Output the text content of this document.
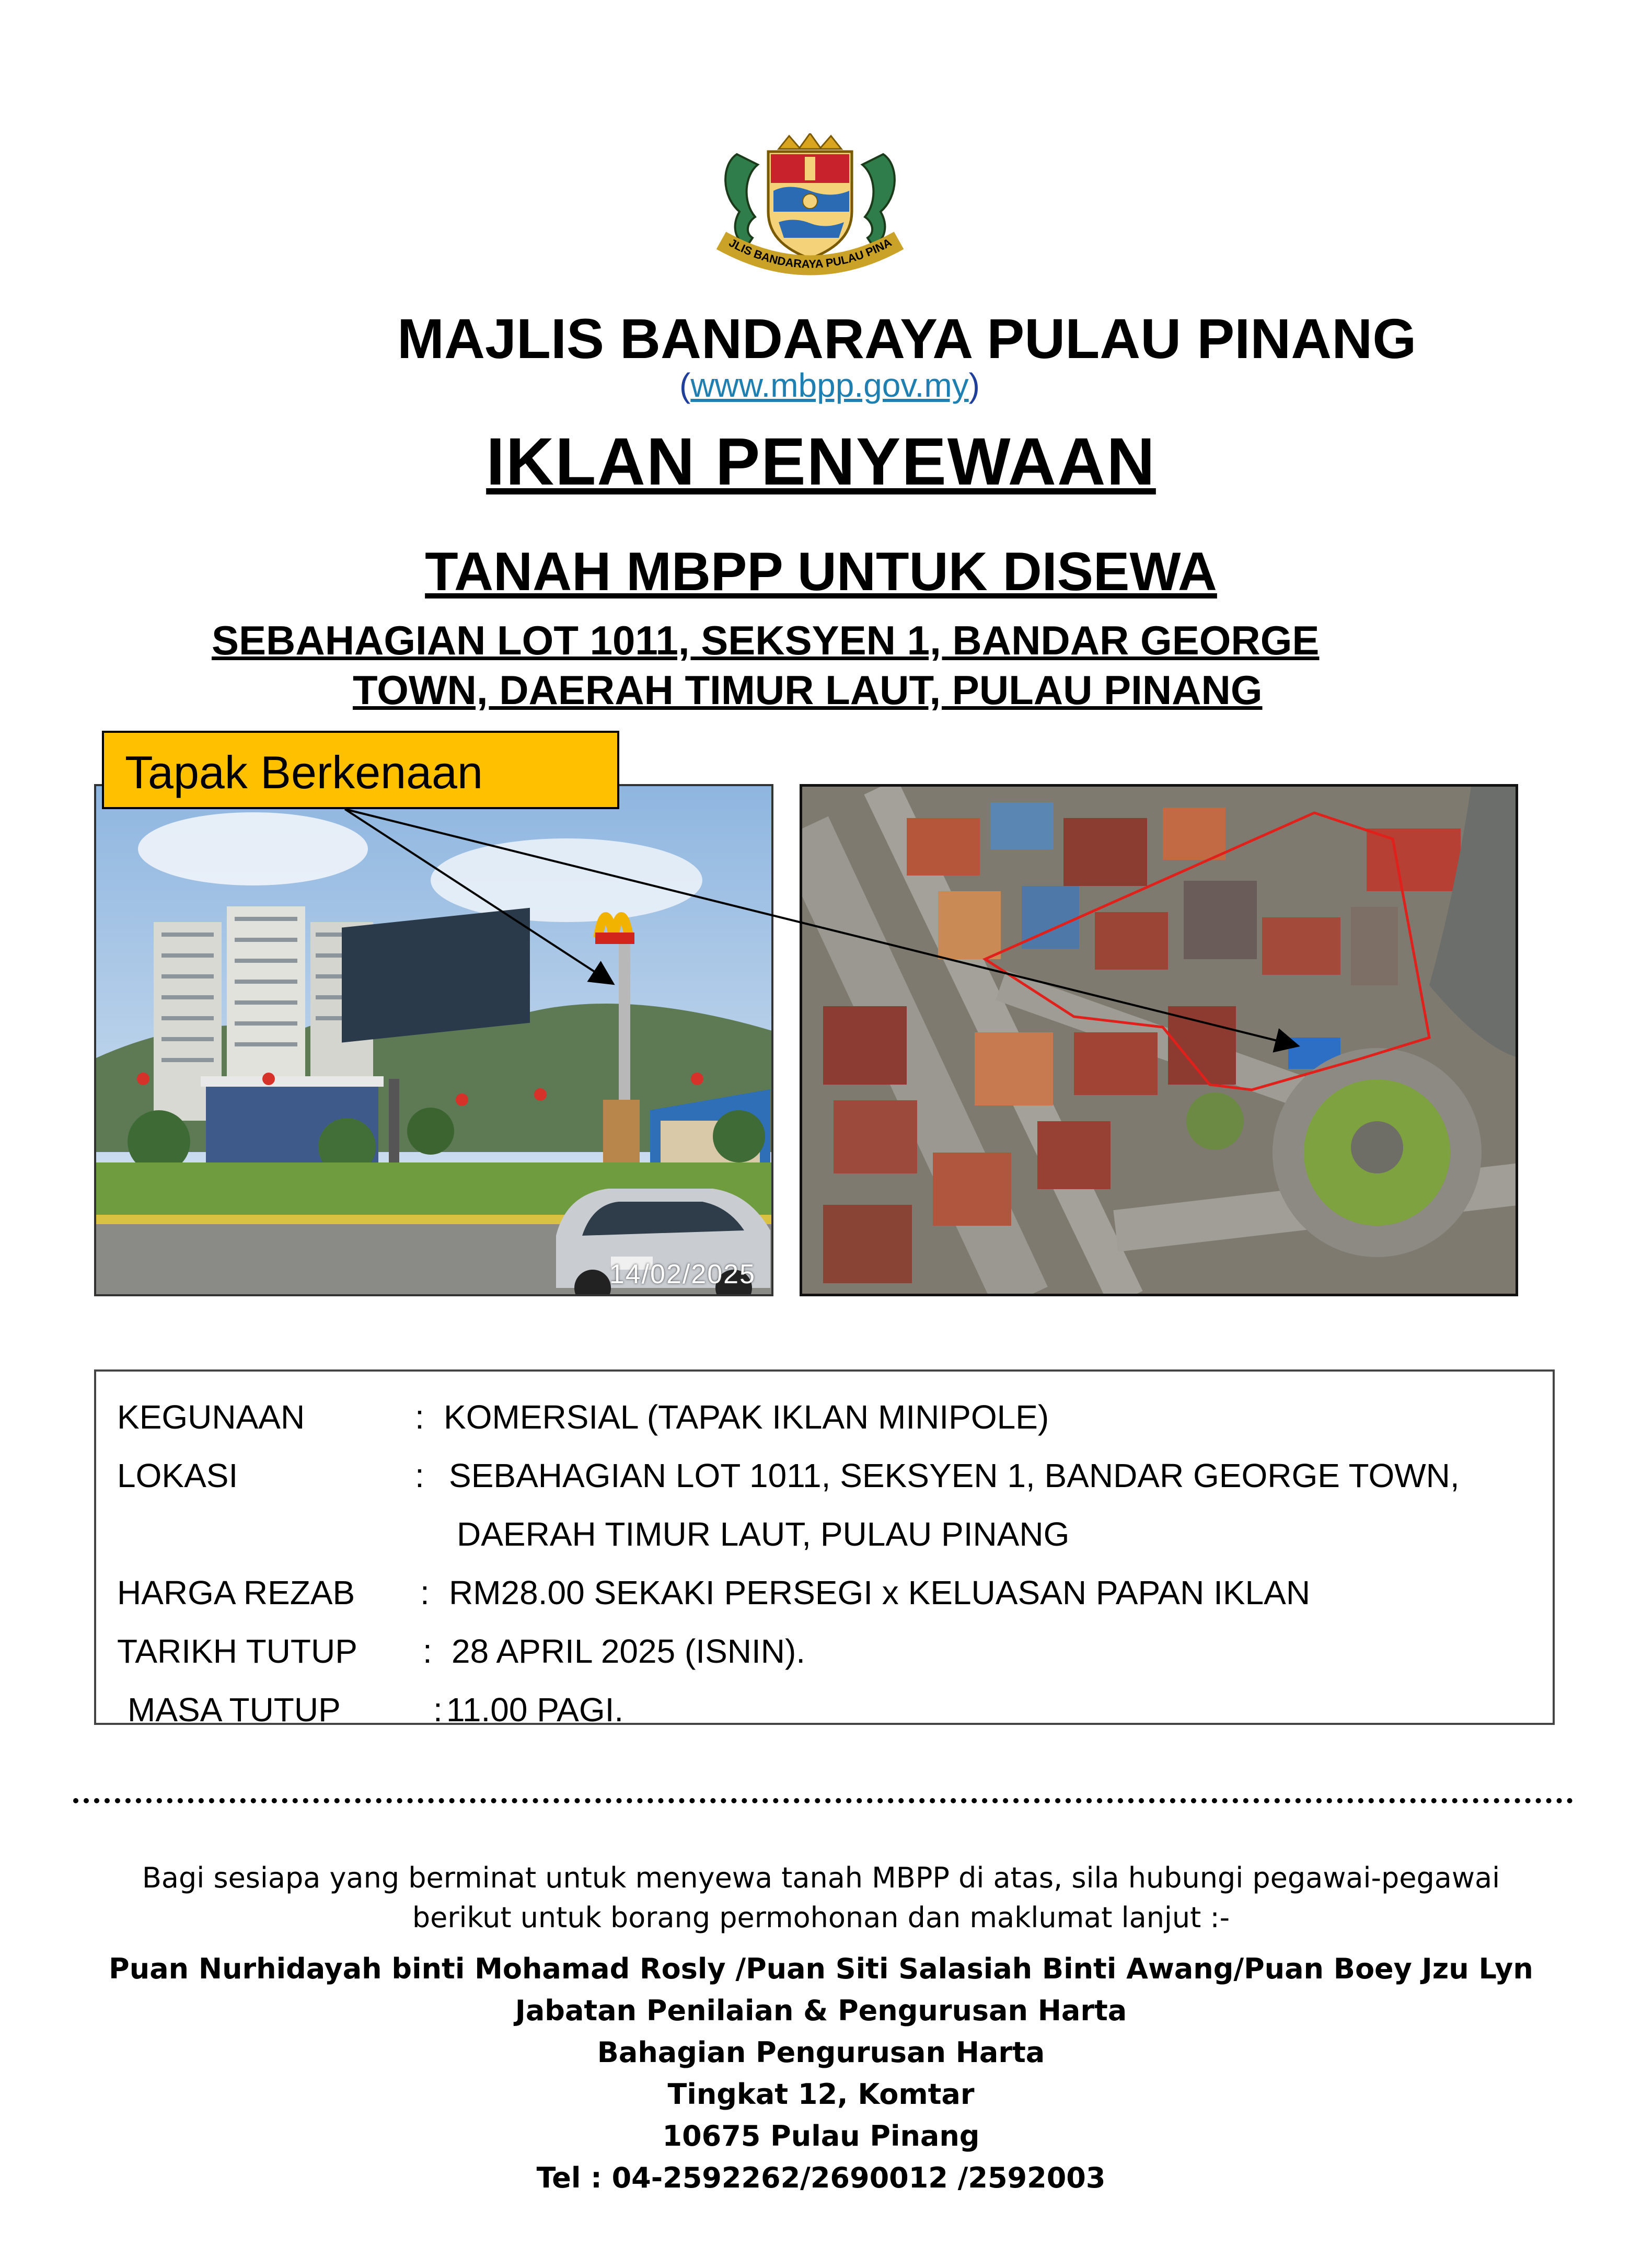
JLIS BANDARAYA PULAU PINA
MAJLIS BANDARAYA PULAU PINANG
(www.mbpp.gov.my)
IKLAN PENYEWAAN
TANAH MBPP UNTUK DISEWA
SEBAHAGIAN LOT 1011, SEKSYEN 1, BANDAR GEORGE
TOWN, DAERAH TIMUR LAUT, PULAU PINANG
14/02/2025
Tapak Berkenaan
KEGUNAAN	: KOMERSIAL (TAPAK IKLAN MINIPOLE)
LOKASI	: SEBAHAGIAN LOT 1011, SEKSYEN 1, BANDAR GEORGE TOWN,
DAERAH TIMUR LAUT, PULAU PINANG
HARGA REZAB : RM28.00 SEKAKI PERSEGI x KELUASAN PAPAN IKLAN
TARIKH TUTUP : 28 APRIL 2025 (ISNIN).
MASA TUTUP	: 11.00 PAGI.
Bagi sesiapa yang berminat untuk menyewa tanah MBPP di atas, sila hubungi pegawai-pegawai berikut untuk borang permohonan dan maklumat lanjut :-
Puan Nurhidayah binti Mohamad Rosly /Puan Siti Salasiah Binti Awang/Puan Boey Jzu Lyn
Jabatan Penilaian & Pengurusan Harta
Bahagian Pengurusan Harta
Tingkat 12, Komtar
10675 Pulau Pinang
Tel : 04-2592262/2690012 /2592003
